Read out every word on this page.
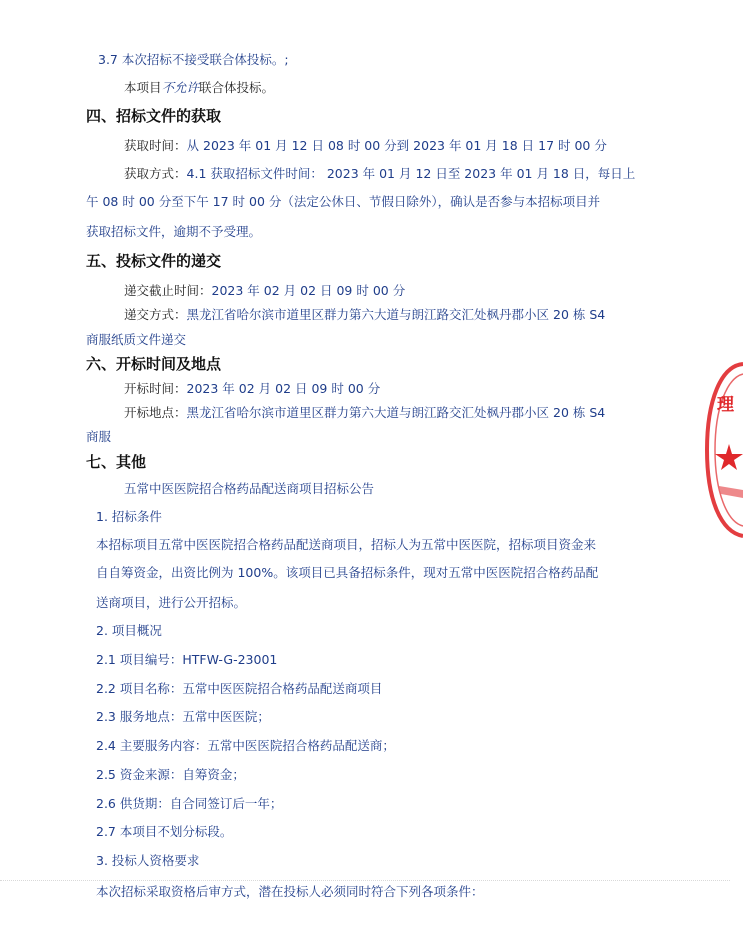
3.7 本次招标不接受联合体投标。;
本项目不允许联合体投标。
四、招标文件的获取
获取时间：从 2023 年 01 月 12 日 08 时 00 分到 2023 年 01 月 18 日 17 时 00 分
获取方式：4.1 获取招标文件时间： 2023 年 01 月 12 日至 2023 年 01 月 18 日，每日上
午 08 时 00 分至下午 17 时 00 分（法定公休日、节假日除外），确认是否参与本招标项目并
获取招标文件，逾期不予受理。
五、投标文件的递交
递交截止时间：2023 年 02 月 02 日 09 时 00 分
递交方式：黑龙江省哈尔滨市道里区群力第六大道与朗江路交汇处枫丹郡小区 20 栋 S4
商服纸质文件递交
六、开标时间及地点
开标时间：2023 年 02 月 02 日 09 时 00 分
开标地点：黑龙江省哈尔滨市道里区群力第六大道与朗江路交汇处枫丹郡小区 20 栋 S4
商服
七、其他
五常中医医院招合格药品配送商项目招标公告
1. 招标条件
本招标项目五常中医医院招合格药品配送商项目，招标人为五常中医医院，招标项目资金来
自自筹资金，出资比例为 100%。该项目已具备招标条件，现对五常中医医院招合格药品配
送商项目，进行公开招标。
2. 项目概况
2.1 项目编号：HTFW-G-23001
2.2 项目名称：五常中医医院招合格药品配送商项目
2.3 服务地点：五常中医医院；
2.4 主要服务内容：五常中医医院招合格药品配送商；
2.5 资金来源：自筹资金；
2.6 供货期：自合同签订后一年；
2.7 本项目不划分标段。
3. 投标人资格要求
本次招标采取资格后审方式，潜在投标人必须同时符合下列各项条件：
理
